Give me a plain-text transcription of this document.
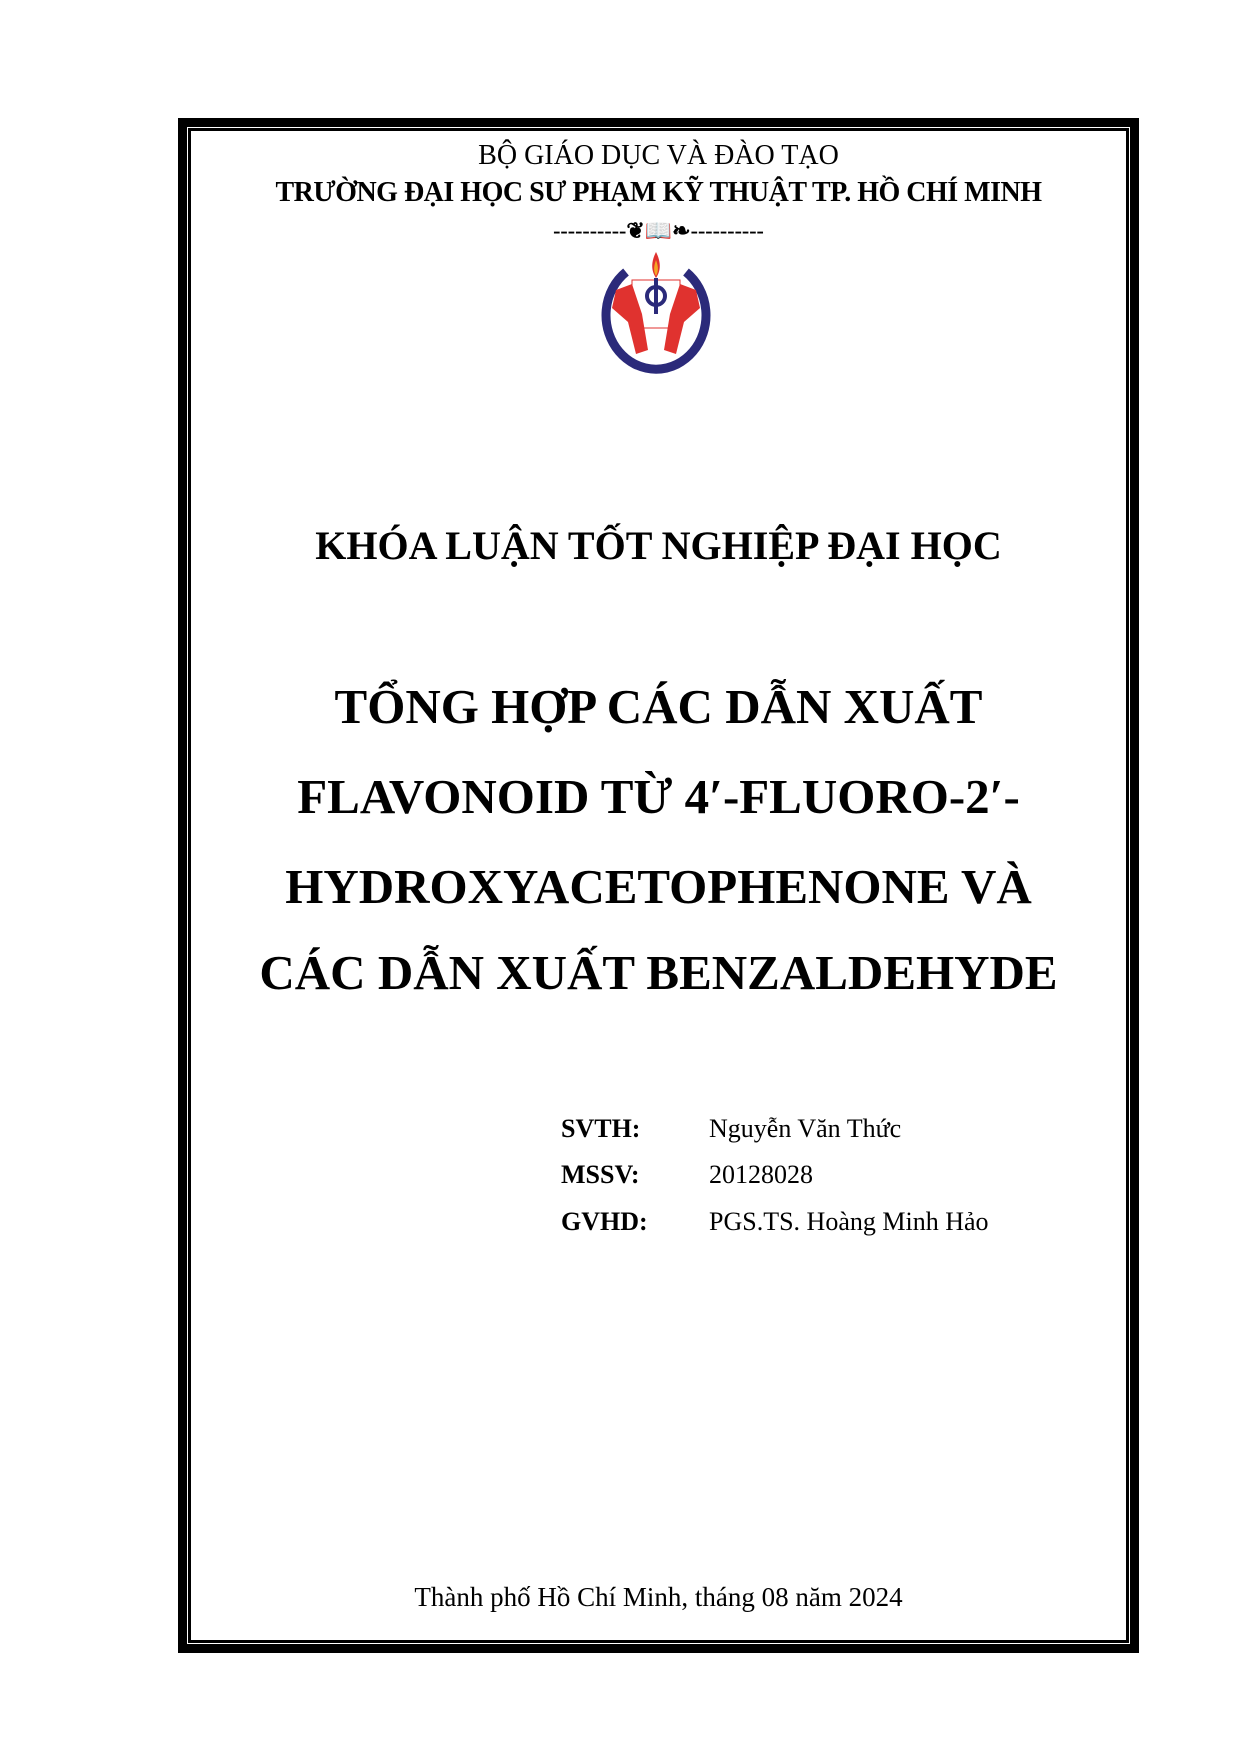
BỘ GIÁO DỤC VÀ ĐÀO TẠO
TRƯỜNG ĐẠI HỌC SƯ PHẠM KỸ THUẬT TP. HỒ CHÍ MINH
----------❦📖❧----------
KHÓA LUẬN TỐT NGHIỆP ĐẠI HỌC
TỔNG HỢP CÁC DẪN XUẤT
FLAVONOID TỪ 4′-FLUORO-2′-
HYDROXYACETOPHENONE VÀ
CÁC DẪN XUẤT BENZALDEHYDE
SVTH:	Nguyễn Văn Thức
MSSV:	20128028
GVHD: PGS.TS. Hoàng Minh Hảo
Thành phố Hồ Chí Minh, tháng 08 năm 2024
